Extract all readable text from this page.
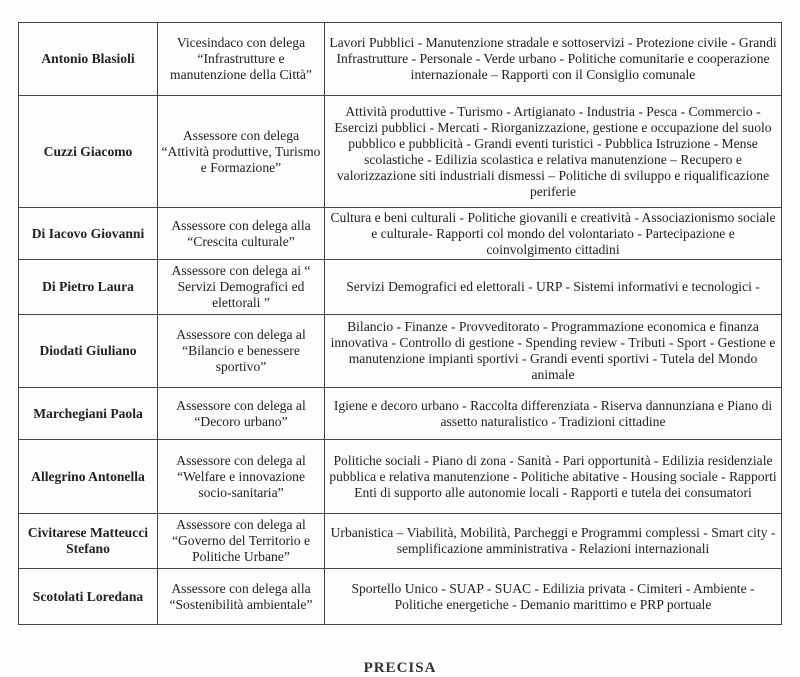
Antonio Blasioli	Vicesindaco con delega “Infrastrutture e manutenzione della Città”	Lavori Pubblici - Manutenzione stradale e sottoservizi - Protezione civile - Grandi Infrastrutture - Personale - Verde urbano - Politiche comunitarie e cooperazione internazionale – Rapporti con il Consiglio comunale
Cuzzi Giacomo	Assessore con delega “Attività produttive, Turismo e Formazione”	Attività produttive - Turismo - Artigianato - Industria - Pesca - Commercio -Esercizi pubblici - Mercati - Riorganizzazione, gestione e occupazione del suolo pubblico e pubblicità - Grandi eventi turistici - Pubblica Istruzione - Mense scolastiche - Edilizia scolastica e relativa manutenzione – Recupero e valorizzazione siti industriali dismessi – Politiche di sviluppo e riqualificazione periferie
Di Iacovo Giovanni	Assessore con delega alla “Crescita culturale”	Cultura e beni culturali - Politiche giovanili e creatività - Associazionismo sociale e culturale- Rapporti col mondo del volontariato - Partecipazione e coinvolgimento cittadini
Di Pietro Laura	Assessore con delega ai “ Servizi Demografici ed elettorali ”	Servizi Demografici ed elettorali - URP - Sistemi informativi e tecnologici -
Diodati Giuliano	Assessore con delega al “Bilancio e benessere sportivo”	Bilancio - Finanze - Provveditorato - Programmazione economica e finanza innovativa - Controllo di gestione - Spending review - Tributi - Sport - Gestione e manutenzione impianti sportivi - Grandi eventi sportivi - Tutela del Mondo animale
Marchegiani Paola	Assessore con delega al “Decoro urbano”	Igiene e decoro urbano - Raccolta differenziata - Riserva dannunziana e Piano di assetto naturalistico - Tradizioni cittadine
Allegrino Antonella	Assessore con delega al “Welfare e innovazione socio-sanitaria”	Politiche sociali - Piano di zona - Sanità - Pari opportunità - Edilizia residenziale pubblica e relativa manutenzione - Politiche abitative - Housing sociale - Rapporti Enti di supporto alle autonomie locali - Rapporti e tutela dei consumatori
Civitarese Matteucci Stefano	Assessore con delega al “Governo del Territorio e Politiche Urbane”	Urbanistica – Viabilità, Mobilità, Parcheggi e Programmi complessi - Smart city - semplificazione amministrativa - Relazioni internazionali
Scotolati Loredana	Assessore con delega alla “Sostenibilità ambientale”	Sportello Unico - SUAP - SUAC - Edilizia privata - Cimiteri - Ambiente - Politiche energetiche - Demanio marittimo e PRP portuale
PRECISA
